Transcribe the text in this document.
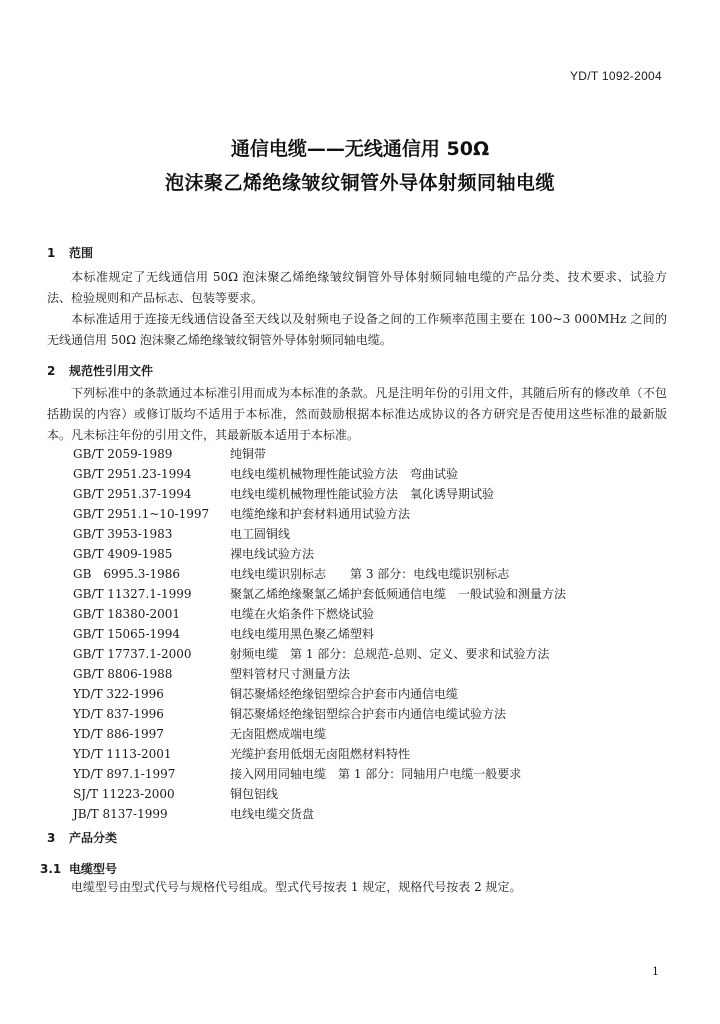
YD/T 1092-2004
通信电缆——无线通信用 50Ω
泡沫聚乙烯绝缘皱纹铜管外导体射频同轴电缆
1 范围
本标准规定了无线通信用 50Ω 泡沫聚乙烯绝缘皱纹铜管外导体射频同轴电缆的产品分类、技术要求、试验方法、检验规则和产品标志、包装等要求。
本标准适用于连接无线通信设备至天线以及射频电子设备之间的工作频率范围主要在 100~3 000MHz 之间的无线通信用 50Ω 泡沫聚乙烯绝缘皱纹铜管外导体射频同轴电缆。
2 规范性引用文件
下列标准中的条款通过本标准引用而成为本标准的条款。凡是注明年份的引用文件，其随后所有的修改单（不包括勘误的内容）或修订版均不适用于本标准，然而鼓励根据本标准达成协议的各方研究是否使用这些标准的最新版本。凡未标注年份的引用文件，其最新版本适用于本标准。
GB/T 2059-1989	纯铜带
GB/T 2951.23-1994	电线电缆机械物理性能试验方法　弯曲试验
GB/T 2951.37-1994	电线电缆机械物理性能试验方法　氧化诱导期试验
GB/T 2951.1~10-1997 电缆绝缘和护套材料通用试验方法
GB/T 3953-1983	电工圆铜线
GB/T 4909-1985	裸电线试验方法
GB　6995.3-1986	电线电缆识别标志　　第 3 部分：电线电缆识别标志
GB/T 11327.1-1999	聚氯乙烯绝缘聚氯乙烯护套低频通信电缆　一般试验和测量方法
GB/T 18380-2001	电缆在火焰条件下燃烧试验
GB/T 15065-1994	电线电缆用黑色聚乙烯塑料
GB/T 17737.1-2000	射频电缆　第 1 部分：总规范-总则、定义、要求和试验方法
GB/T 8806-1988	塑料管材尺寸测量方法
YD/T 322-1996	铜芯聚烯烃绝缘铝塑综合护套市内通信电缆
YD/T 837-1996	铜芯聚烯烃绝缘铝塑综合护套市内通信电缆试验方法
YD/T 886-1997	无卤阻燃成端电缆
YD/T 1113-2001	光缆护套用低烟无卤阻燃材料特性
YD/T 897.1-1997	接入网用同轴电缆　第 1 部分：同轴用户电缆一般要求
SJ/T 11223-2000	铜包铝线
JB/T 8137-1999	电线电缆交货盘
3 产品分类
3.1 电缆型号
电缆型号由型式代号与规格代号组成。型式代号按表 1 规定，规格代号按表 2 规定。
1
